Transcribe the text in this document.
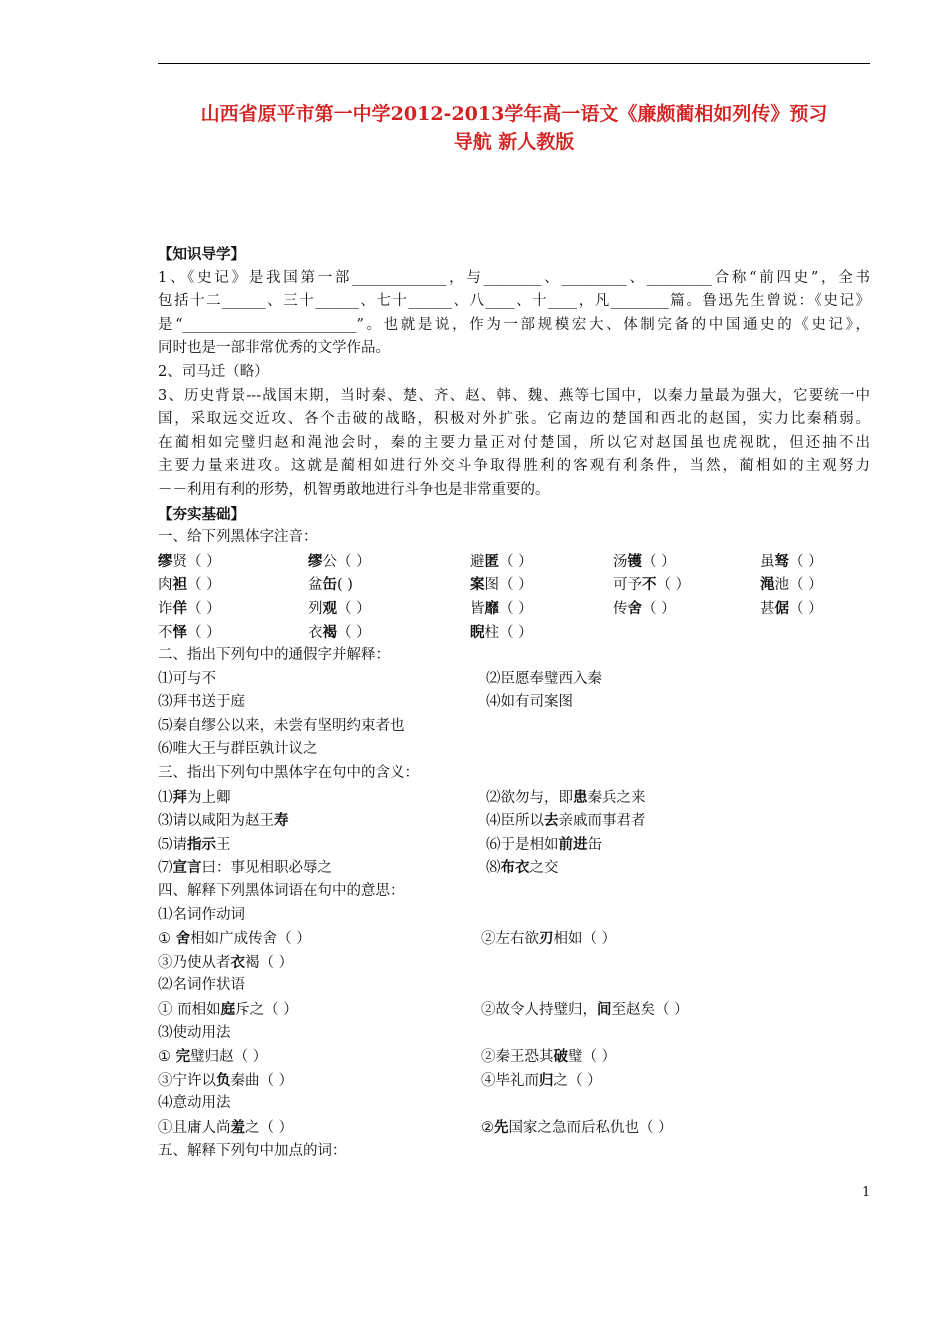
山西省原平市第一中学2012-2013学年高一语文《廉颇蔺相如列传》预习
导航 新人教版
【知识导学】
1、《史记》是我国第一部_____________，与________、_________、_________合称“前四史”，全书
包括十二______、三十______、七十______、八____、十____，凡________篇。鲁迅先生曾说：《史记》
是“________________________”。也就是说，作为一部规模宏大、体制完备的中国通史的《史记》，
同时也是一部非常优秀的文学作品。
2、司马迁（略）
3、历史背景---战国末期，当时秦、楚、齐、赵、韩、魏、燕等七国中，以秦力量最为强大，它要统一中
国，采取远交近攻、各个击破的战略，积极对外扩张。它南边的楚国和西北的赵国，实力比秦稍弱。
在蔺相如完璧归赵和渑池会时，秦的主要力量正对付楚国，所以它对赵国虽也虎视眈，但还抽不出
主要力量来进攻。这就是蔺相如进行外交斗争取得胜利的客观有利条件，当然，蔺相如的主观努力
－－利用有利的形势，机智勇敢地进行斗争也是非常重要的。
【夯实基础】
一、给下列黑体字注音：
缪贤（ ）	缪公（ ）	避匿（ ）	汤镬（ ）	虽驽（ ）
肉袒（ ）	盆缶( )	案图（ ）	可予不（ ）	渑池（ ）
诈佯（ ）	列观（ ）	皆靡（ ）	传舍（ ）	甚倨（ ）
不怿（ ）	衣褐（ ）	睨柱（ ）
二、指出下列句中的通假字并解释：
⑴可与不	⑵臣愿奉璧西入秦
⑶拜书送于庭	⑷如有司案图
⑸秦自缪公以来，未尝有坚明约束者也
⑹唯大王与群臣孰计议之
三、指出下列句中黑体字在句中的含义：
⑴拜为上卿	⑵欲勿与，即患秦兵之来
⑶请以咸阳为赵王寿	⑷臣所以去亲戚而事君者
⑸请指示王	⑹于是相如前进缶
⑺宣言曰：事见相职必辱之	⑻布衣之交
四、解释下列黑体词语在句中的意思：
⑴名词作动词
① 舍相如广成传舍（ ）	②左右欲刃相如（ ）
③乃使从者衣褐（ ）
⑵名词作状语
① 而相如庭斥之（ ）	②故令人持璧归，间至赵矣（ ）
⑶使动用法
① 完璧归赵（ ）	②秦王恐其破璧（ ）
③宁许以负秦曲（ ）	④毕礼而归之（ ）
⑷意动用法
①且庸人尚羞之（ ）	②先国家之急而后私仇也（ ）
五、解释下列句中加点的词：
1
